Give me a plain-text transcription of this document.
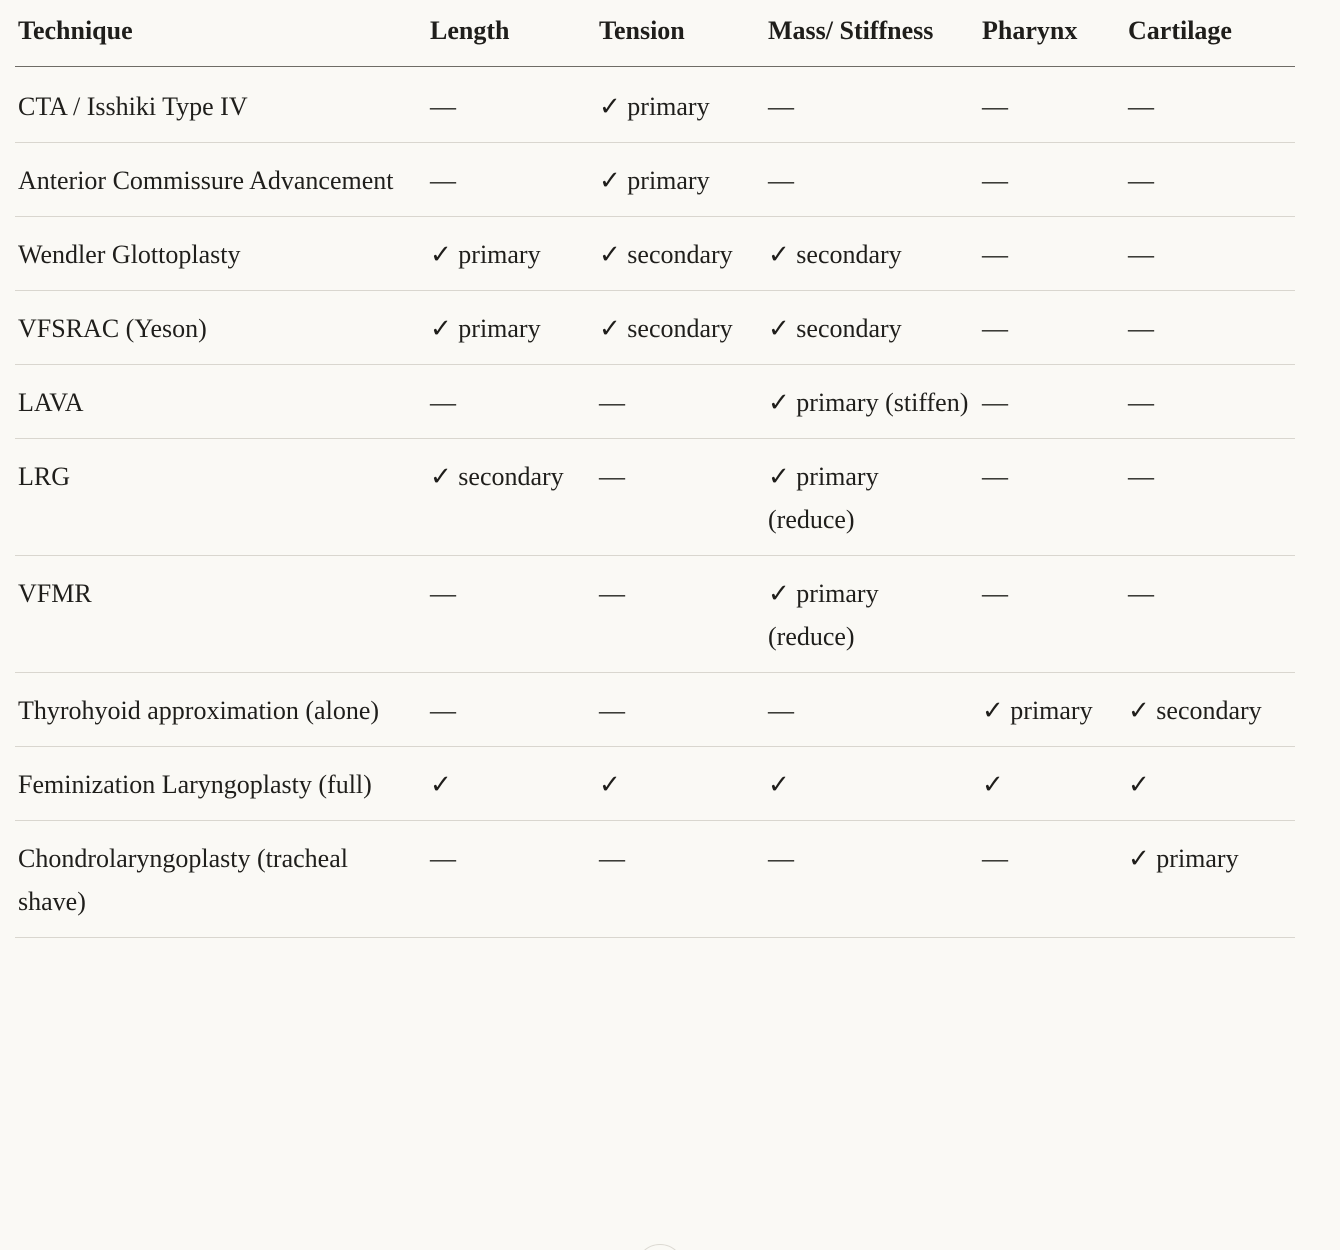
Technique	Length	Tension	Mass/ Stiffness	Pharynx	Cartilage
CTA / Isshiki Type IV	—	✓ primary	—	—	—
Anterior Commissure Advancement	—	✓ primary	—	—	—
Wendler Glottoplasty	✓ primary	✓ secondary	✓ secondary	—	—
VFSRAC (Yeson)	✓ primary	✓ secondary	✓ secondary	—	—
LAVA	—	—	✓ primary (stiffen)	—	—
LRG	✓ secondary	—	✓ primary (reduce)	—	—
VFMR	—	—	✓ primary (reduce)	—	—
Thyrohyoid approximation (alone)	—	—	—	✓ primary	✓ secondary
Feminization Laryngoplasty (full)	✓	✓	✓	✓	✓
Chondrolaryngoplasty (tracheal shave)	—	—	—	—	✓ primary
